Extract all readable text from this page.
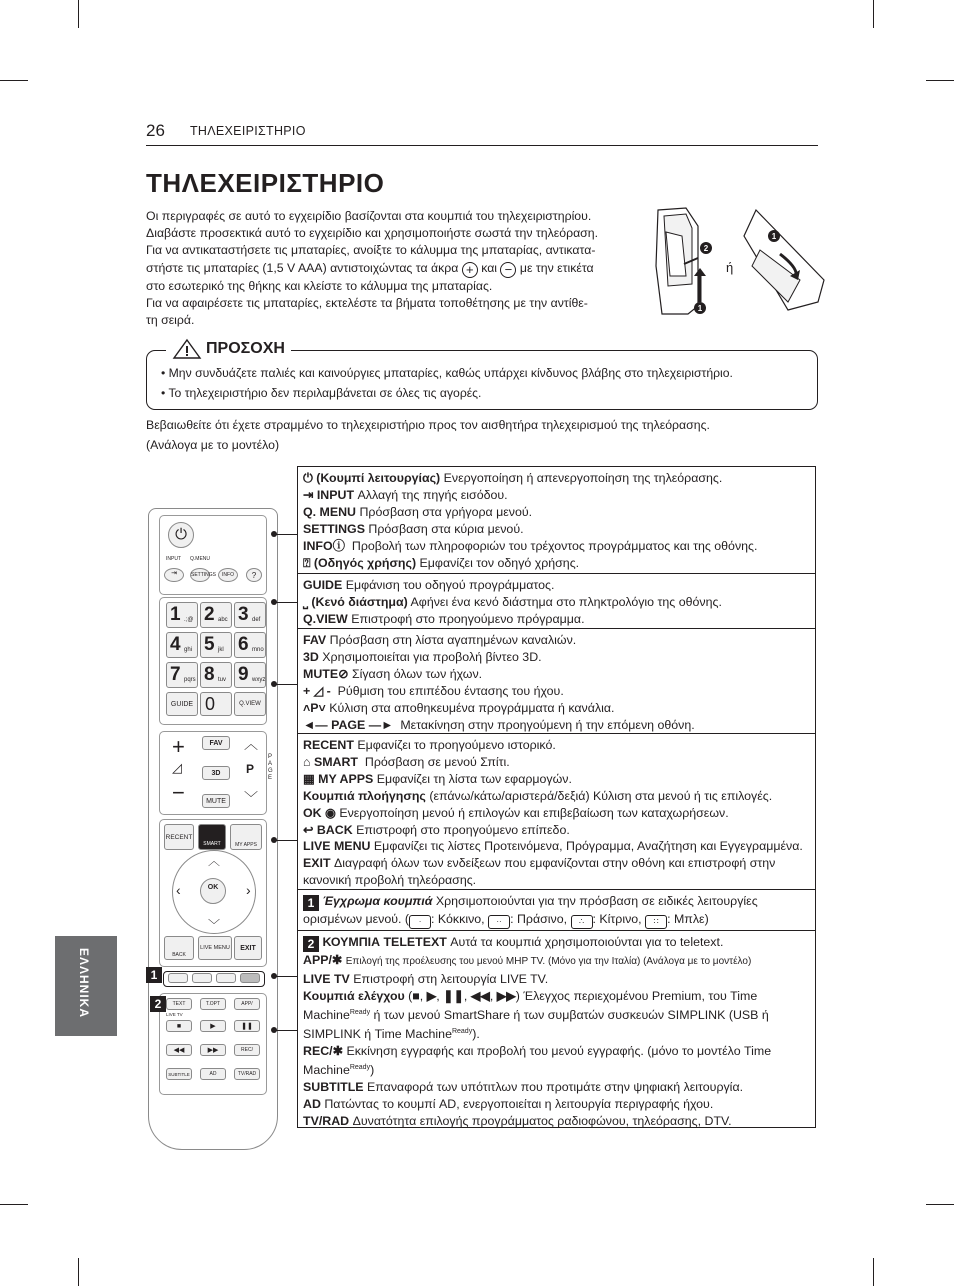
26 ΤΗΛΕΧΕΙΡΙΣΤΗΡΙΟ
ΤΗΛΕΧΕΙΡΙΣΤΗΡΙΟ
Οι περιγραφές σε αυτό το εγχειρίδιο βασίζονται στα κουμπιά του τηλεχειριστηρίου.
Διαβάστε προσεκτικά αυτό το εγχειρίδιο και χρησιμοποιήστε σωστά την τηλεόραση.
Για να αντικαταστήσετε τις μπαταρίες, ανοίξτε το κάλυμμα της μπαταρίας, αντικατα-
στήστε τις μπαταρίες (1,5 V AAA) αντιστοιχώντας τα άκρα + και − με την ετικέτα
στο εσωτερικό της θήκης και κλείστε το κάλυμμα της μπαταρίας.
Για να αφαιρέσετε τις μπαταρίες, εκτελέστε τα βήματα τοποθέτησης με την αντίθε-
τη σειρά.
2
1
ή
1
• Μην συνδυάζετε παλιές και καινούργιες μπαταρίες, καθώς υπάρχει κίνδυνος βλάβης στο τηλεχειριστήριο.
• Το τηλεχειριστήριο δεν περιλαμβάνεται σε όλες τις αγορές.
ΠΡΟΣΟΧΗ
Βεβαιωθείτε ότι έχετε στραμμένο το τηλεχειριστήριο προς τον αισθητήρα τηλεχειρισμού της τηλεόρασης.
(Ανάλογα με το μοντέλο)
ΕΛΛΗΝΙΚΑ
⏻
INPUT Q.MENU
⇥	SETTINGS	INFO	?
1 .;@ 2 abc 3 def
4 ghi 5 jkl 6 mno
7 pqrs 8 tuv 9 wxyz
GUIDE 0	Q.VIEW
+
◿
−
FAV
3D
MUTE
︿
P
﹀
PAGE
RECENT
SMART	MY APPS
︿
﹀
‹	›
OK
BACK
LIVE MENU	EXIT
TEXT	T.OPT	APP/
LIVE TV
■	▶	❚❚
◀◀	▶▶	REC/
SUBTITLE	AD	TV/RAD
1
2

⏻ (Κουμπί λειτουργίας) Ενεργοποίηση ή απενεργοποίηση της τηλεόρασης.

⇥ INPUT Αλλαγή της πηγής εισόδου.

Q. MENU Πρόσβαση στα γρήγορα μενού.

SETTINGS Πρόσβαση στα κύρια μενού.

INFOⓘ Προβολή των πληροφοριών του τρέχοντος προγράμματος και της οθόνης.

⍰ (Οδηγός χρήσης) Εμφανίζει τον οδηγό χρήσης.

GUIDE Εμφάνιση του οδηγού προγράμματος.

⎵ (Κενό διάστημα) Αφήνει ένα κενό διάστημα στο πληκτρολόγιο της οθόνης.

Q.VIEW Επιστροφή στο προηγούμενο πρόγραμμα.

FAV Πρόσβαση στη λίστα αγαπημένων καναλιών.

3D Χρησιμοποιείται για προβολή βίντεο 3D.

MUTE⊘ Σίγαση όλων των ήχων.

+ ◿ - Ρύθμιση του επιπέδου έντασης του ήχου.

˄P˅ Κύλιση στα αποθηκευμένα προγράμματα ή κανάλια.

◄— PAGE —► Μετακίνηση στην προηγούμενη ή την επόμενη οθόνη.

RECENT Εμφανίζει το προηγούμενο ιστορικό.

⌂ SMART Πρόσβαση σε μενού Σπίτι.

▦ MY APPS Εμφανίζει τη λίστα των εφαρμογών.

Κουμπιά πλοήγησης (επάνω/κάτω/αριστερά/δεξιά) Κύλιση στα μενού ή τις επιλογές.

OK ◉ Ενεργοποίηση μενού ή επιλογών και επιβεβαίωση των καταχωρήσεων.

↩ BACK Επιστροφή στο προηγούμενο επίπεδο.

LIVE MENU Εμφανίζει τις λίστες Προτεινόμενα, Πρόγραμμα, Αναζήτηση και Εγγεγραμμένα.

EXIT Διαγραφή όλων των ενδείξεων που εμφανίζονται στην οθόνη και επιστροφή στην κανονική προβολή τηλεόρασης.

1 Έγχρωμα κουμπιά Χρησιμοποιούνται για την πρόσβαση σε ειδικές λειτουργίες ορισμένων μενού. ( · : Κόκκινο, ·· : Πράσινο, ∴ : Κίτρινο, ∷ : Μπλε)

2 ΚΟΥΜΠΙΑ TELETEXT Αυτά τα κουμπιά χρησιμοποιούνται για το teletext.

APP/✱ Επιλογή της προέλευσης του μενού MHP TV. (Μόνο για την Ιταλία) (Ανάλογα με το μοντέλο)

LIVE TV Επιστροφή στη λειτουργία LIVE TV.

Κουμπιά ελέγχου (■, ▶, ❚❚, ◀◀, ▶▶) Έλεγχος περιεχομένου Premium, του Time Machine$^{Ready}$ ή των μενού SmartShare ή των συμβατών συσκευών SIMPLINK (USB ή SIMPLINK ή Time Machine$^{Ready}$).

REC/✱ Εκκίνηση εγγραφής και προβολή του μενού εγγραφής. (μόνο το μοντέλο Time Machine$^{Ready}$)

SUBTITLE Επαναφορά των υπότιτλων που προτιμάτε στην ψηφιακή λειτουργία.

AD Πατώντας το κουμπί AD, ενεργοποιείται η λειτουργία περιγραφής ήχου.

TV/RAD Δυνατότητα επιλογής προγράμματος ραδιοφώνου, τηλεόρασης, DTV.
